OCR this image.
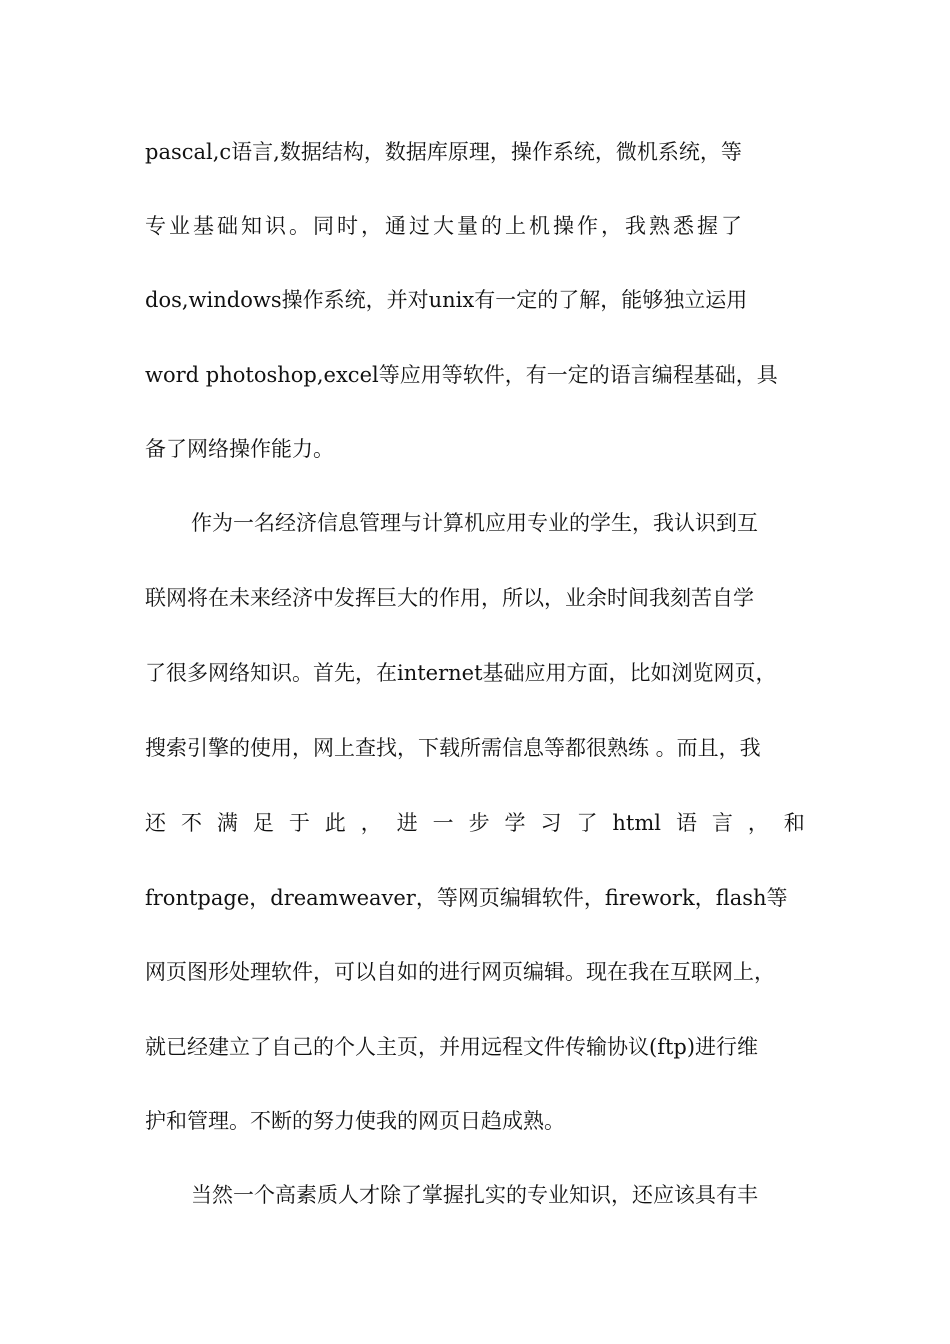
pascal,c语言,数据结构，数据库原理，操作系统，微机系统，等
专业基础知识。同时，通过大量的上机操作，我熟悉握了
dos,windows操作系统，并对unix有一定的了解，能够独立运用
word photoshop,excel等应用等软件，有一定的语言编程基础，具
备了网络操作能力。
作为一名经济信息管理与计算机应用专业的学生，我认识到互
联网将在未来经济中发挥巨大的作用，所以，业余时间我刻苦自学
了很多网络知识。首先，在internet基础应用方面，比如浏览网页，
搜索引擎的使用，网上查找，下载所需信息等都很熟练 。而且，我
还 不 满 足 于 此 ， 进 一 步 学 习 了 html 语 言 ， 和
frontpage，dreamweaver，等网页编辑软件，firework，flash等
网页图形处理软件，可以自如的进行网页编辑。现在我在互联网上，
就已经建立了自己的个人主页，并用远程文件传输协议(ftp)进行维
护和管理。不断的努力使我的网页日趋成熟。
当然一个高素质人才除了掌握扎实的专业知识，还应该具有丰
